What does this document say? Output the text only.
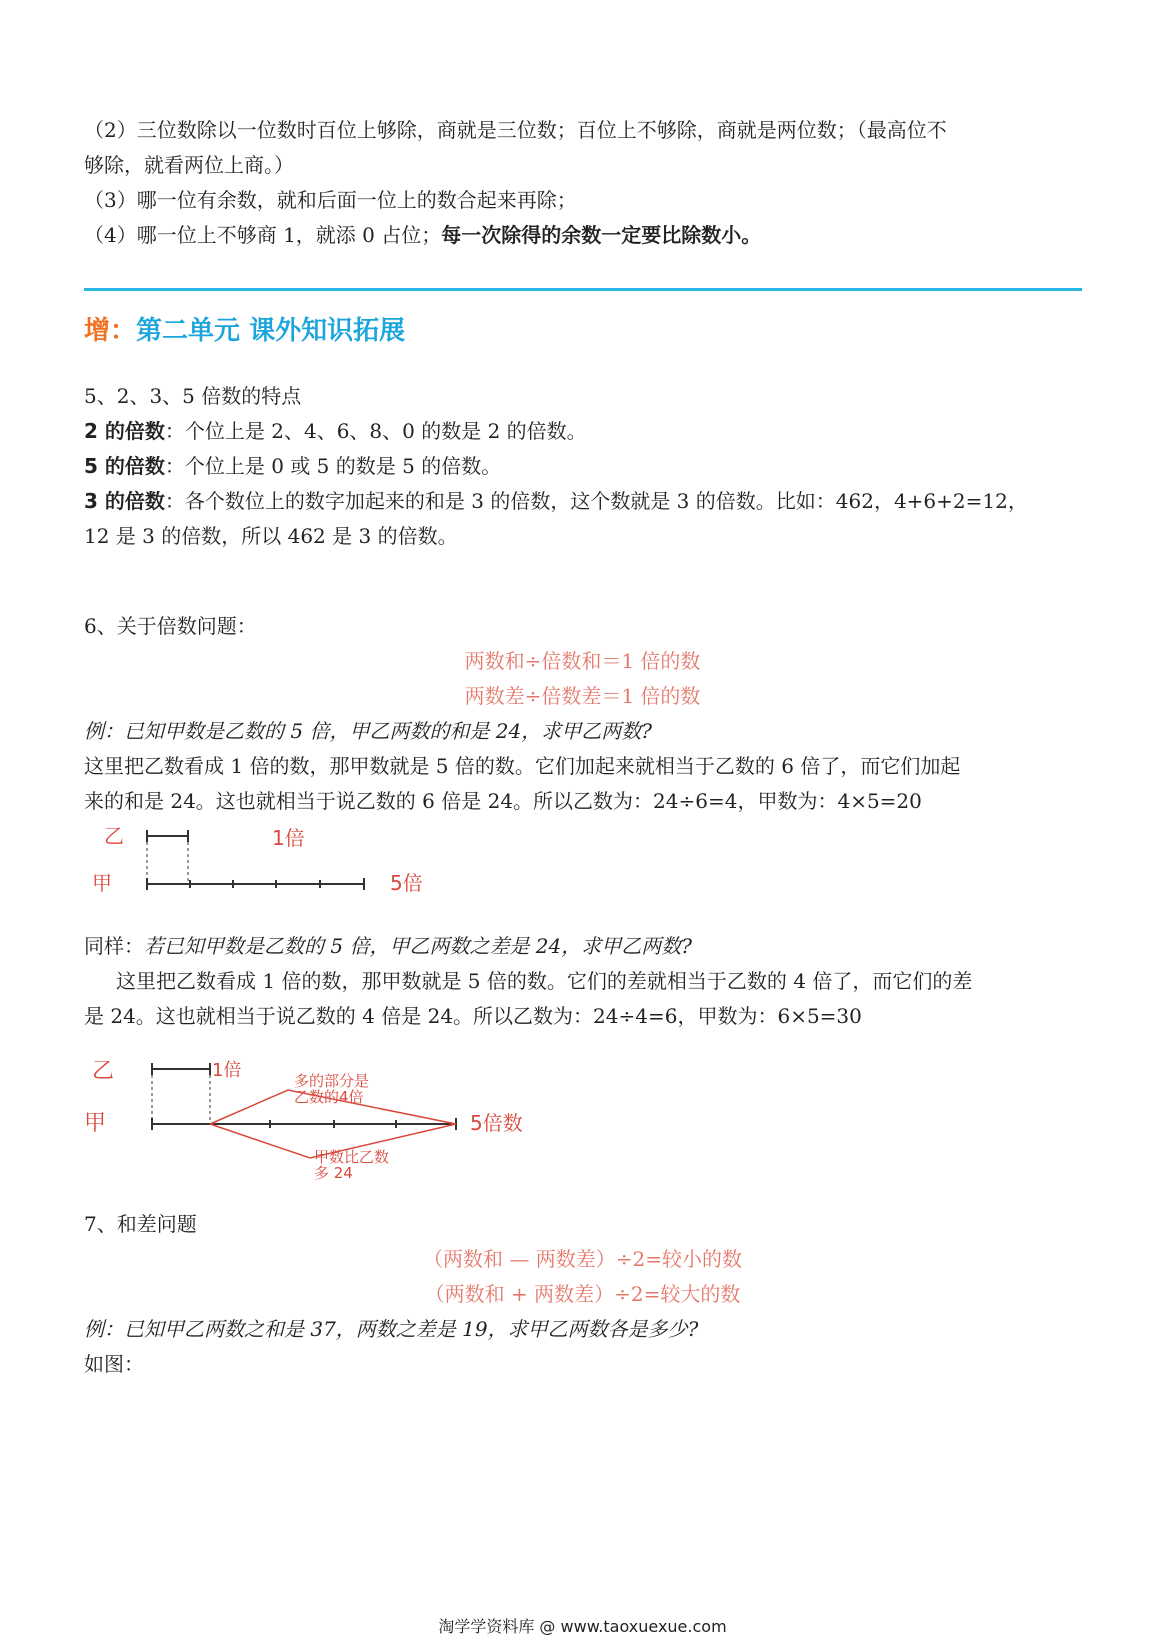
（2）三位数除以一位数时百位上够除，商就是三位数；百位上不够除，商就是两位数；（最高位不
够除，就看两位上商。）
（3）哪一位有余数，就和后面一位上的数合起来再除；
（4）哪一位上不够商 1，就添 0 占位；每一次除得的余数一定要比除数小。
增：第二单元 课外知识拓展
5、2、3、5 倍数的特点
2 的倍数：个位上是 2、4、6、8、0 的数是 2 的倍数。
5 的倍数：个位上是 0 或 5 的数是 5 的倍数。
3 的倍数：各个数位上的数字加起来的和是 3 的倍数，这个数就是 3 的倍数。比如：462，4+6+2=12，
12 是 3 的倍数，所以 462 是 3 的倍数。
6、关于倍数问题：
两数和÷倍数和＝1 倍的数
两数差÷倍数差＝1 倍的数
例：已知甲数是乙数的 5 倍，甲乙两数的和是 24，求甲乙两数?
这里把乙数看成 1 倍的数，那甲数就是 5 倍的数。它们加起来就相当于乙数的 6 倍了，而它们加起
来的和是 24。这也就相当于说乙数的 6 倍是 24。所以乙数为：24÷6=4，甲数为：4×5=20
乙
甲
1倍
5倍
同样：若已知甲数是乙数的 5 倍，甲乙两数之差是 24，求甲乙两数?
这里把乙数看成 1 倍的数，那甲数就是 5 倍的数。它们的差就相当于乙数的 4 倍了，而它们的差
是 24。这也就相当于说乙数的 4 倍是 24。所以乙数为：24÷4=6，甲数为：6×5=30
乙
甲
1倍	多的部分是
乙数的4倍
5倍数
甲数比乙数
多 24
7、和差问题
（两数和 — 两数差）÷2=较小的数
（两数和 + 两数差）÷2=较大的数
例：已知甲乙两数之和是 37，两数之差是 19，求甲乙两数各是多少?
如图：
淘学学资料库 @ www.taoxuexue.com
